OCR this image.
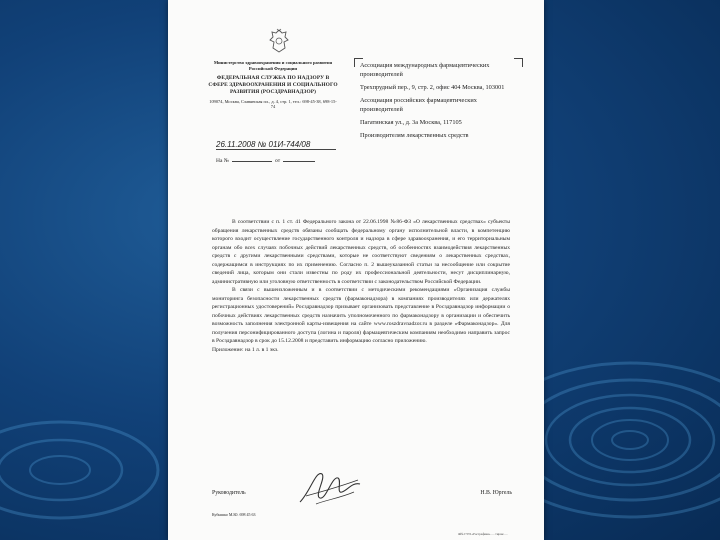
Министерство здравоохранения и социального развития Российской Федерации
ФЕДЕРАЛЬНАЯ СЛУЖБА ПО НАДЗОРУ В СФЕРЕ ЗДРАВООХРАНЕНИЯ И СОЦИАЛЬНОГО РАЗВИТИЯ (РОСЗДРАВНАДЗОР)
109074, Москва, Славянская пл., д. 4, стр. 1, тел.: 698-45-38, 698-15-74
26.11.2008 № 01И-744/08
На №	от

Ассоциация международных фармацевтических производителей

Трехпрудный пер., 9, стр. 2, офис 404 Москва, 103001

Ассоциация российских фармацевтических производителей

Пагатинская ул., д. 3а Москва, 117105

Производителям лекарственных средств

В соответствии с п. 1 ст. 41 Федерального закона от 22.06.1998 №86-ФЗ «О лекарственных средствах» субъекты обращения лекарственных средств обязаны сообщать федеральному органу исполнительной власти, в компетенцию которого входит осуществление государственного контроля и надзора в сфере здравоохранения, и его территориальным органам обо всех случаях побочных действий лекарственных средств, об особенностях взаимодействия лекарственных средств с другими лекарственными средствами, которые не соответствуют сведениям о лекарственных средствах, содержащимся в инструкциях по их применению. Согласно п. 2 вышеуказанной статьи за несообщение или сокрытие сведений лица, которым они стали известны по роду их профессиональной деятельности, несут дисциплинарную, административную или уголовную ответственность в соответствии с законодательством Российской Федерации.

В связи с вышеизложенным и в соответствии с методическими рекомендациями «Организация службы мониторинга безопасности лекарственных средств (фармаконадзора) в компаниях производителях или держателях регистрационных удостоверений» Росздравнадзор призывает организовать представление в Росздравнадзор информации о побочных действиях лекарственных средств назначить уполномоченного по фармаконадзору в организации и обеспечить возможность заполнения электронной карты-извещения на сайте www.roszdravnadzor.ru в разделе «Фармаконадзор». Для получения персонифицированного доступа (логина и пароля) фармацевтическим компаниям необходимо направить запрос в Росздравнадзор в срок до 15.12.2008 и представить информацию согласно приложению.

Приложение: на 1 л. в 1 экз.

Руководитель	Н.В. Юргель
Кубышко М.Ю. 698 45 63
Ф№ ГУП «Росграфика» … тираж …
